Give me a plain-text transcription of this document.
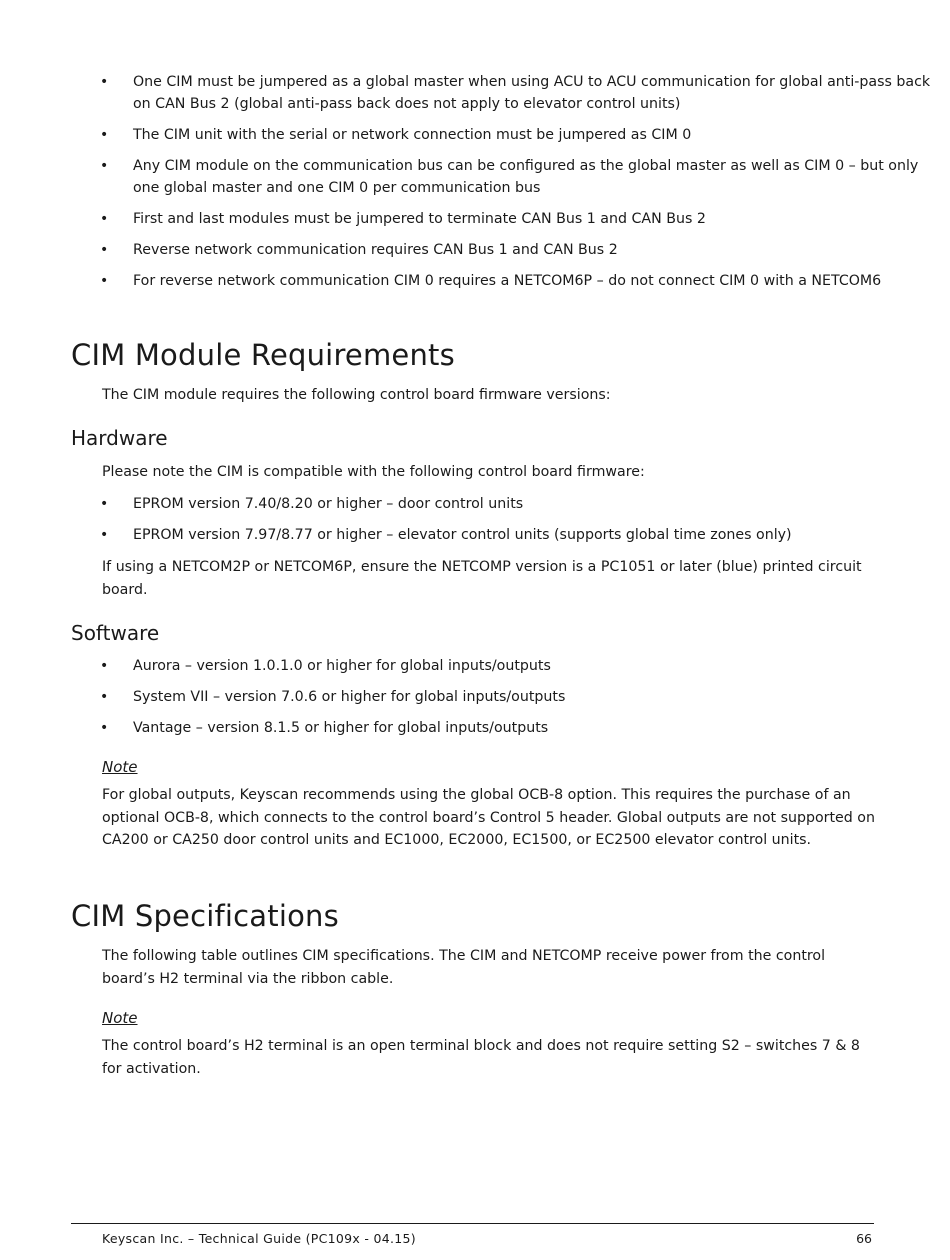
• One CIM must be jumpered as a global master when using ACU to ACU communication for global anti-pass back on CAN Bus 2 (global anti-pass back does not apply to elevator control units)
• The CIM unit with the serial or network connection must be jumpered as CIM 0
• Any CIM module on the communication bus can be configured as the global master as well as CIM 0 – but only one global master and one CIM 0 per communication bus
• First and last modules must be jumpered to terminate CAN Bus 1 and CAN Bus 2
• Reverse network communication requires CAN Bus 1 and CAN Bus 2
• For reverse network communication CIM 0 requires a NETCOM6P – do not connect CIM 0 with a NETCOM6
CIM Module Requirements

The CIM module requires the following control board firmware versions:

Hardware

Please note the CIM is compatible with the following control board firmware:

• EPROM version 7.40/8.20 or higher – door control units
• EPROM version 7.97/8.77 or higher – elevator control units (supports global time zones only)

If using a NETCOM2P or NETCOM6P, ensure the NETCOMP version is a PC1051 or later (blue) printed circuit board.

Software
• Aurora – version 1.0.1.0 or higher for global inputs/outputs
• System VII – version 7.0.6 or higher for global inputs/outputs
• Vantage – version 8.1.5 or higher for global inputs/outputs

Note

For global outputs, Keyscan recommends using the global OCB-8 option. This requires the purchase of an optional OCB-8, which connects to the control board’s Control 5 header. Global outputs are not supported on CA200 or CA250 door control units and EC1000, EC2000, EC1500, or EC2500 elevator control units.

CIM Specifications

The following table outlines CIM specifications. The CIM and NETCOMP receive power from the control board’s H2 terminal via the ribbon cable.

Note

The control board’s H2 terminal is an open terminal block and does not require setting S2 – switches 7 & 8 for activation.

Keyscan Inc. – Technical Guide (PC109x - 04.15)	66
